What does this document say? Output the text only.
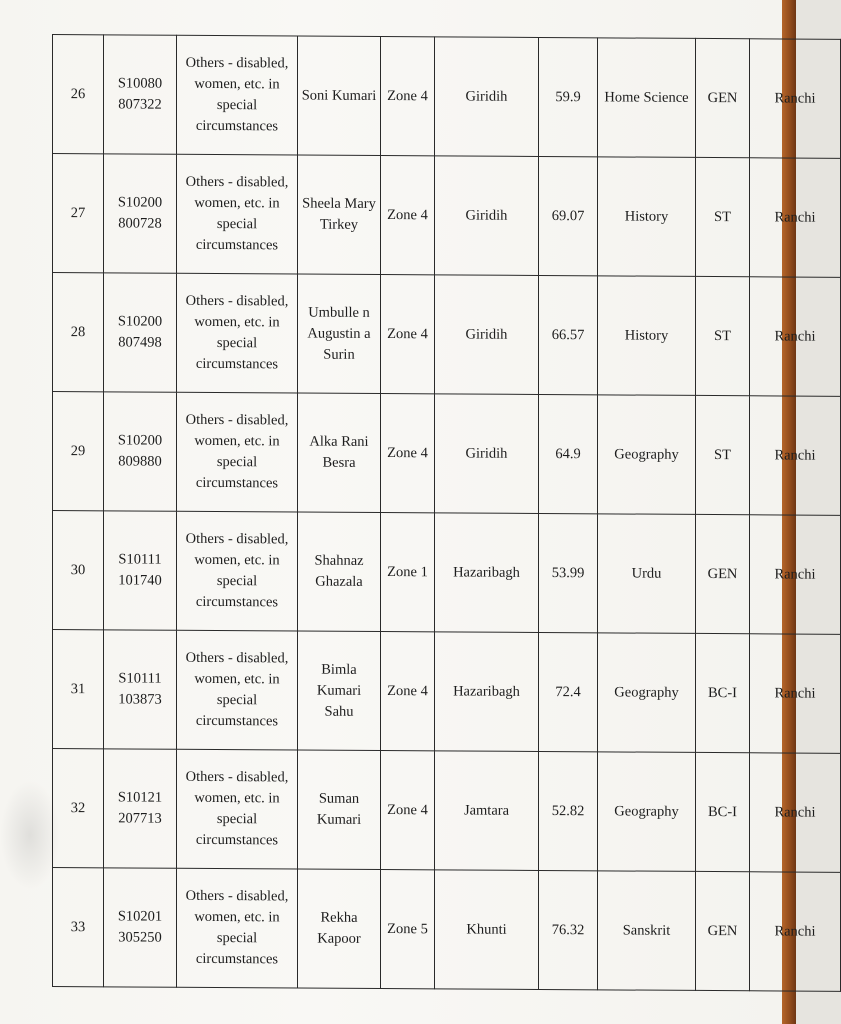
26	S10080 807322	Others - disabled, women, etc. in special circumstances	Soni Kumari	Zone 4	Giridih	59.9	Home Science	GEN	Ranchi
27	S10200 800728	Others - disabled, women, etc. in special circumstances	Sheela Mary Tirkey	Zone 4	Giridih	69.07	History	ST	Ranchi
28	S10200 807498	Others - disabled, women, etc. in special circumstances	Umbulle n Augustin a Surin	Zone 4	Giridih	66.57	History	ST	Ranchi
29	S10200 809880	Others - disabled, women, etc. in special circumstances	Alka Rani Besra	Zone 4	Giridih	64.9	Geography	ST	Ranchi
30	S10111 101740	Others - disabled, women, etc. in special circumstances	Shahnaz Ghazala	Zone 1	Hazaribagh	53.99	Urdu	GEN	Ranchi
31	S10111 103873	Others - disabled, women, etc. in special circumstances	Bimla Kumari Sahu	Zone 4	Hazaribagh	72.4	Geography	BC-I	Ranchi
32	S10121 207713	Others - disabled, women, etc. in special circumstances	Suman Kumari	Zone 4	Jamtara	52.82	Geography	BC-I	Ranchi
33	S10201 305250	Others - disabled, women, etc. in special circumstances	Rekha Kapoor	Zone 5	Khunti	76.32	Sanskrit	GEN	Ranchi
